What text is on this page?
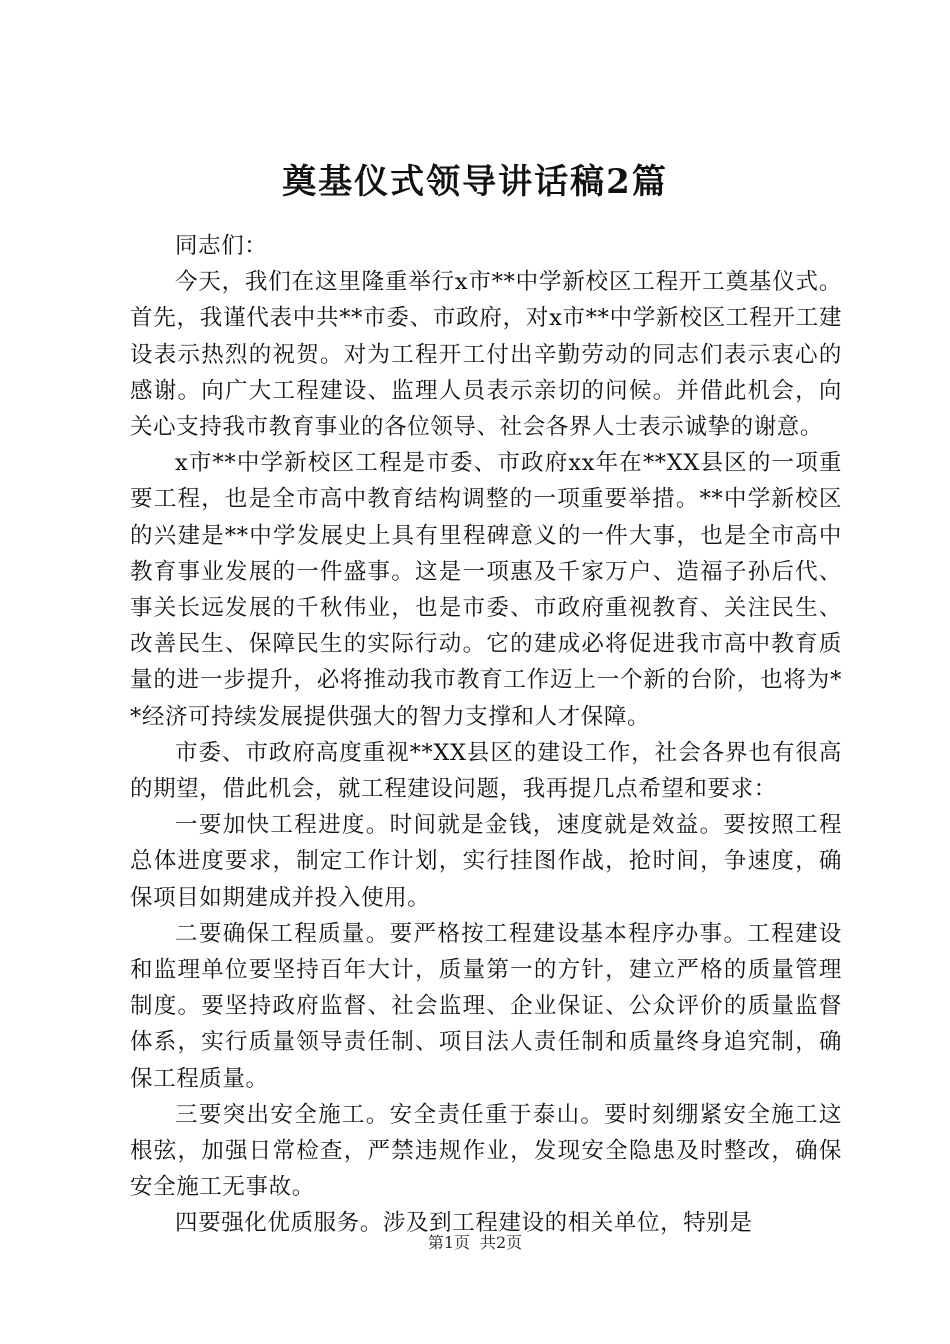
奠基仪式领导讲话稿2篇

同志们：

今天，我们在这里隆重举行x市**中学新校区工程开工奠基仪式。首先，我谨代表中共**市委、市政府，对x市**中学新校区工程开工建设表示热烈的祝贺。对为工程开工付出辛勤劳动的同志们表示衷心的感谢。向广大工程建设、监理人员表示亲切的问候。并借此机会，向关心支持我市教育事业的各位领导、社会各界人士表示诚挚的谢意。

x市**中学新校区工程是市委、市政府xx年在**XX县区的一项重要工程，也是全市高中教育结构调整的一项重要举措。**中学新校区的兴建是**中学发展史上具有里程碑意义的一件大事，也是全市高中教育事业发展的一件盛事。这是一项惠及千家万户、造福子孙后代、事关长远发展的千秋伟业，也是市委、市政府重视教育、关注民生、改善民生、保障民生的实际行动。它的建成必将促进我市高中教育质量的进一步提升，必将推动我市教育工作迈上一个新的台阶，也将为**经济可持续发展提供强大的智力支撑和人才保障。

市委、市政府高度重视**XX县区的建设工作，社会各界也有很高的期望，借此机会，就工程建设问题，我再提几点希望和要求：

一要加快工程进度。时间就是金钱，速度就是效益。要按照工程总体进度要求，制定工作计划，实行挂图作战，抢时间，争速度，确保项目如期建成并投入使用。

二要确保工程质量。要严格按工程建设基本程序办事。工程建设和监理单位要坚持百年大计，质量第一的方针，建立严格的质量管理制度。要坚持政府监督、社会监理、企业保证、公众评价的质量监督体系，实行质量领导责任制、项目法人责任制和质量终身追究制，确保工程质量。

三要突出安全施工。安全责任重于泰山。要时刻绷紧安全施工这根弦，加强日常检查，严禁违规作业，发现安全隐患及时整改，确保安全施工无事故。

四要强化优质服务。涉及到工程建设的相关单位，特别是

第1页 共2页
